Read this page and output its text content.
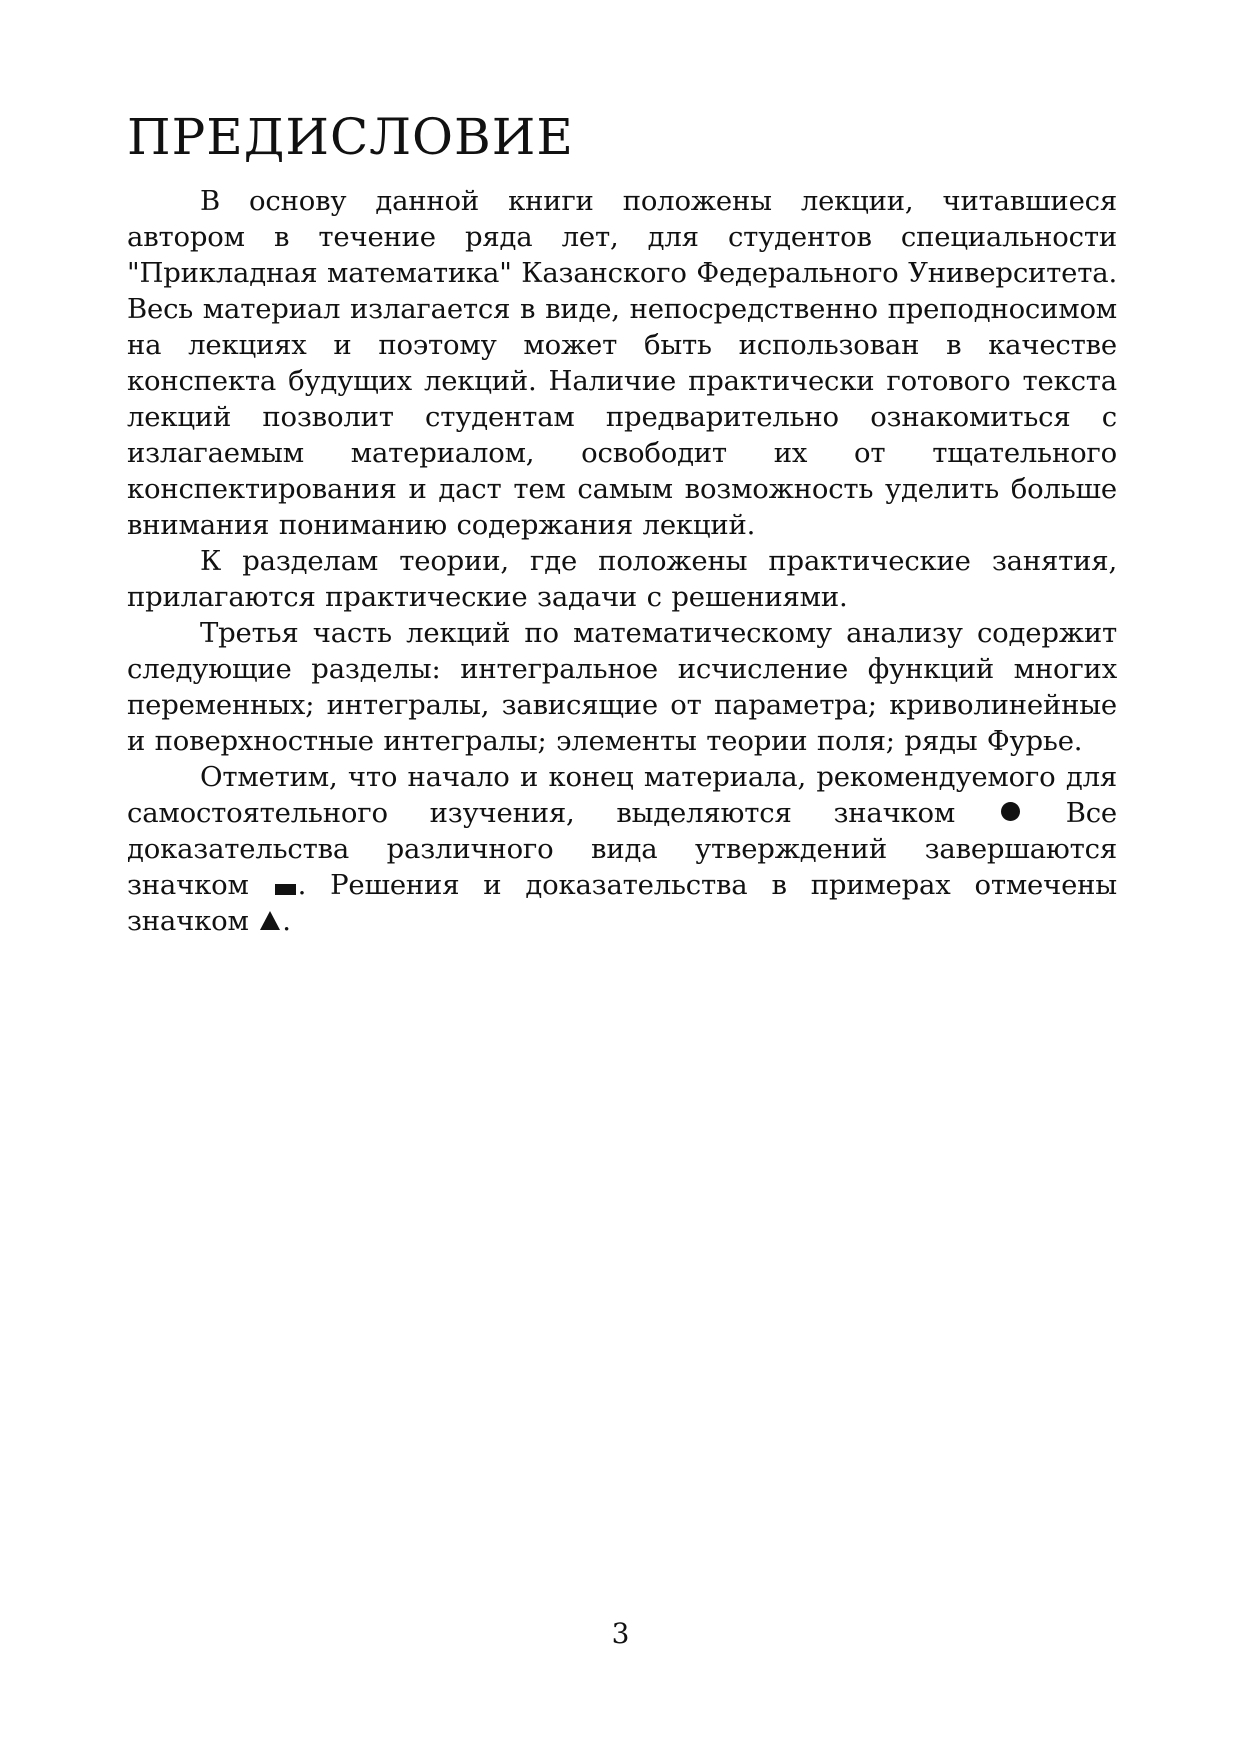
ПРЕДИСЛОВИЕ

В основу данной книги положены лекции, читавшиеся автором в течение ряда лет, для студентов специальности "Прикладная математика" Казанского Федерального Университета. Весь материал излагается в виде, непосредственно преподносимом на лекциях и поэтому может быть использован в качестве конспекта будущих лекций. Наличие практически готового текста лекций позволит студентам предварительно ознакомиться с излагаемым материалом, освободит их от тщательного конспектирования и даст тем самым возможность уделить больше внимания пониманию содержания лекций.

К разделам теории, где положены практические занятия, прилагаются практические задачи с решениями.

Третья часть лекций по математическому анализу содержит следующие разделы: интегральное исчисление функций многих переменных; интегралы, зависящие от параметра; криволинейные и поверхностные интегралы; элементы теории поля; ряды Фурье.

Отметим, что начало и конец материала, рекомендуемого для самостоятельного изучения, выделяются значком	Все доказательства различного вида утверждений завершаются значком . Решения и доказательства в примерах отмечены значком .

3
